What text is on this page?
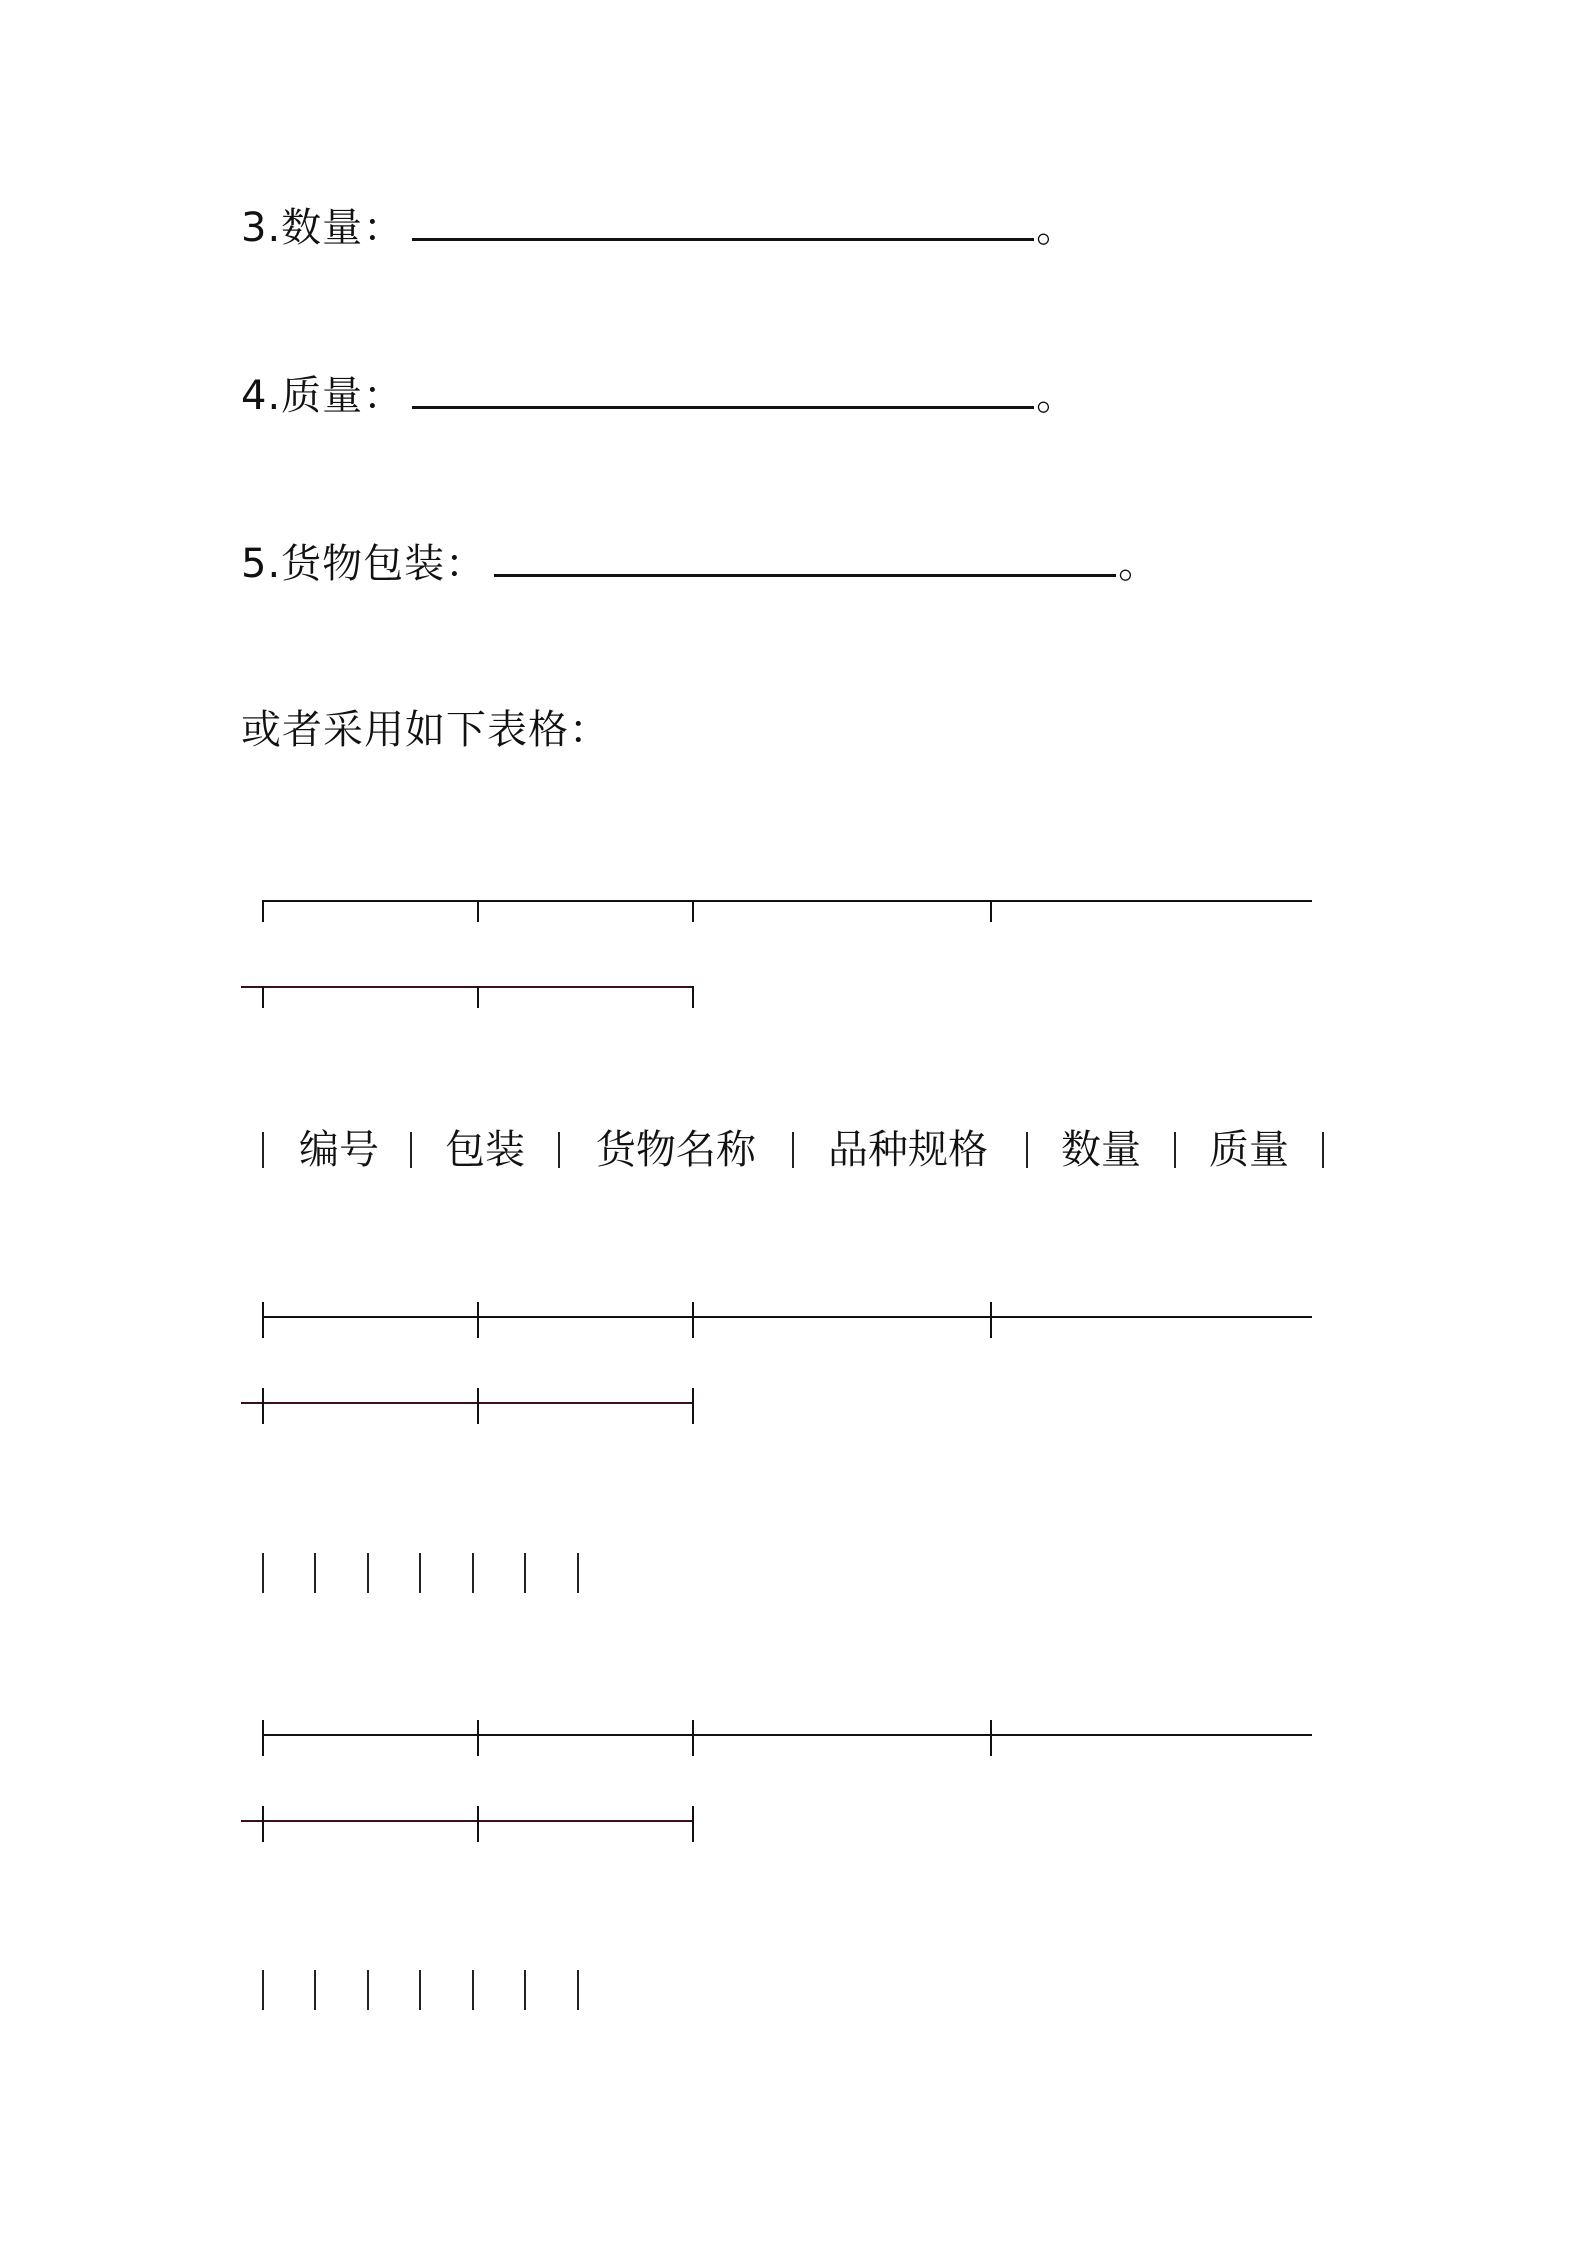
3.数量：	。
4.质量：	。
5.货物包装：	。
或者采用如下表格：
编号	包装	货物名称	品种规格	数量	质量
